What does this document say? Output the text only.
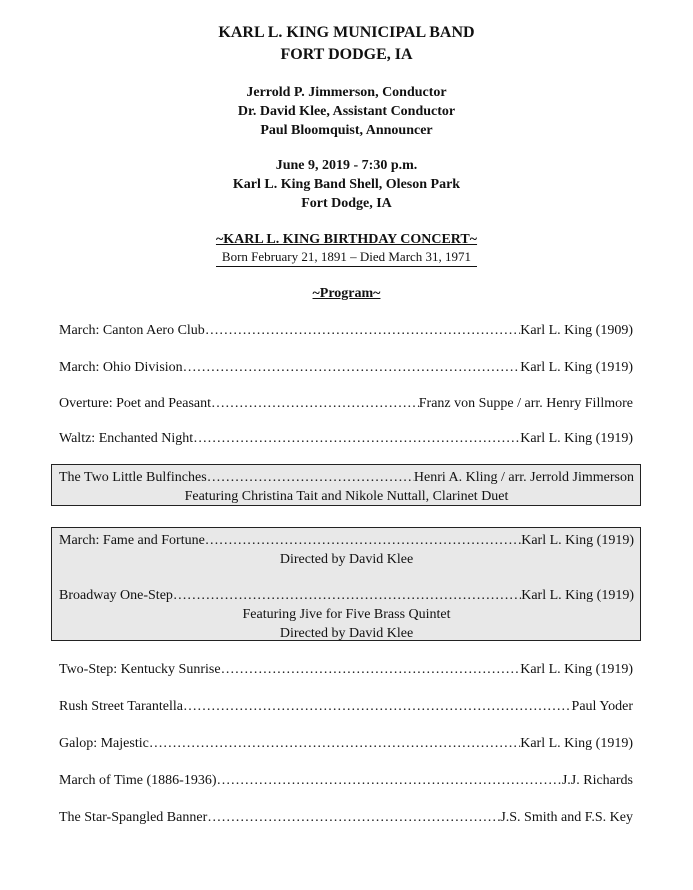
KARL L. KING MUNICIPAL BAND
FORT DODGE, IA
Jerrold P. Jimmerson, Conductor
Dr. David Klee, Assistant Conductor
Paul Bloomquist, Announcer
June 9, 2019 - 7:30 p.m.
Karl L. King Band Shell, Oleson Park
Fort Dodge, IA
~KARL L. KING BIRTHDAY CONCERT~
Born February 21, 1891 – Died March 31, 1971
~Program~
March: Canton Aero Club …………………………………………………………………………………………………………………………	Karl L. King (1909)
March: Ohio Division …………………………………………………………………………………………………………………………	Karl L. King (1919)
Overture: Poet and Peasant …………………………………………………………………………………………………………………………	Franz von Suppe / arr. Henry Fillmore
Waltz: Enchanted Night …………………………………………………………………………………………………………………………	Karl L. King (1919)
The Two Little Bulfinches …………………………………………………………………………………………………………………………	Henri A. Kling / arr. Jerrold Jimmerson
Featuring Christina Tait and Nikole Nuttall, Clarinet Duet
March: Fame and Fortune …………………………………………………………………………………………………………………………	Karl L. King (1919)
Directed by David Klee
Broadway One-Step …………………………………………………………………………………………………………………………	Karl L. King (1919)
Featuring Jive for Five Brass Quintet
Directed by David Klee
Two-Step: Kentucky Sunrise …………………………………………………………………………………………………………………………	Karl L. King (1919)
Rush Street Tarantella …………………………………………………………………………………………………………………………	Paul Yoder
Galop: Majestic …………………………………………………………………………………………………………………………	Karl L. King (1919)
March of Time (1886-1936) …………………………………………………………………………………………………………………………	J.J. Richards
The Star-Spangled Banner …………………………………………………………………………………………………………………………	J.S. Smith and F.S. Key
